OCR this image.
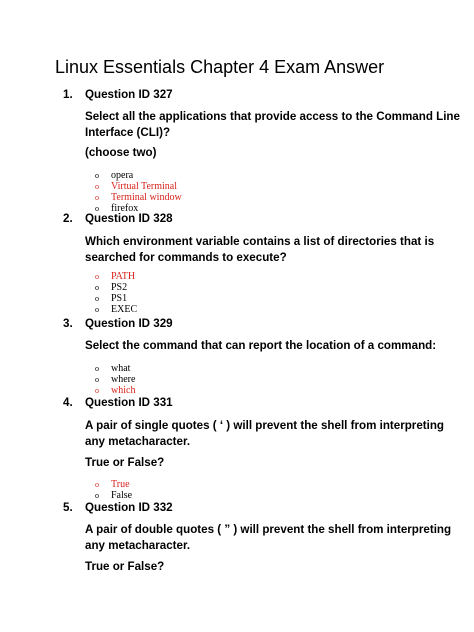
Linux Essentials Chapter 4 Exam Answer
1. Question ID 327
Select all the applications that provide access to the Command Line Interface (CLI)?
(choose two)
o opera
o Virtual Terminal
o Terminal window
o firefox
2. Question ID 328
Which environment variable contains a list of directories that is searched for commands to execute?
o PATH
o PS2
o PS1
o EXEC
3. Question ID 329
Select the command that can report the location of a command:
o what
o where
o which
4. Question ID 331
A pair of single quotes ( ‘ ) will prevent the shell from interpreting any metacharacter.
True or False?
o True
o False
5. Question ID 332
A pair of double quotes ( ” ) will prevent the shell from interpreting any metacharacter.
True or False?
